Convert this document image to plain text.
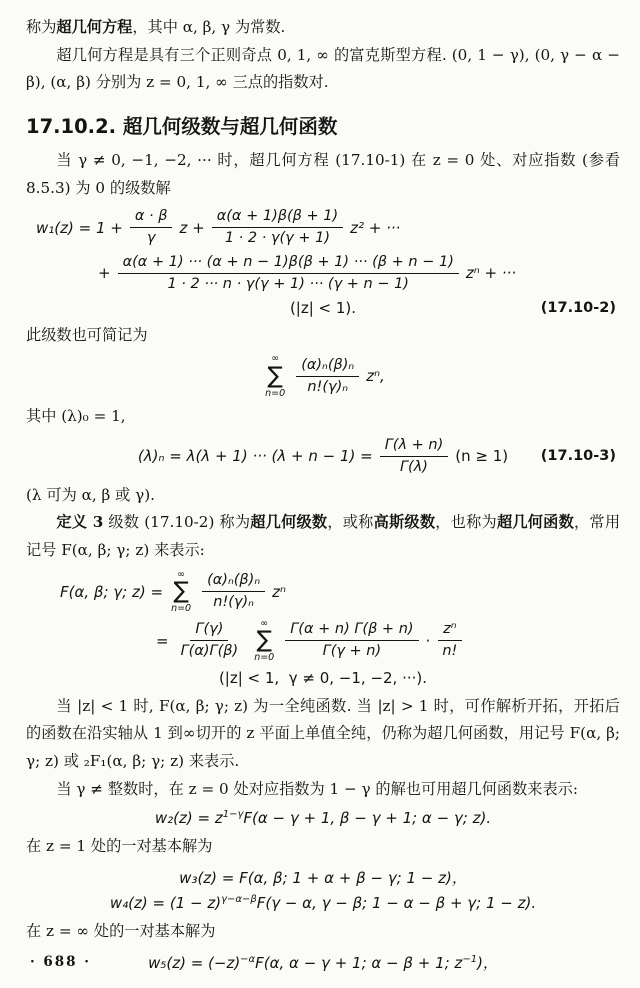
称为超几何方程，其中 α, β, γ 为常数.

超几何方程是具有三个正则奇点 0, 1, ∞ 的富克斯型方程. (0, 1 − γ), (0, γ − α − β), (α, β) 分别为 z = 0, 1, ∞ 三点的指数对.

17.10.2. 超几何级数与超几何函数

当 γ ≠ 0, −1, −2, ··· 时，超几何方程 (17.10-1) 在 z = 0 处、对应指数 (参看 8.5.3) 为 0 的级数解

$w_1(z) = 1 + \frac{\alpha \cdot \beta}{\gamma}$ $z + \frac{\alpha(\alpha + 1)\beta(\beta + 1)}{1 \cdot 2 \cdot \gamma(\gamma + 1)} z^2$ + ···
+ $\frac{\alpha(\alpha + 1) \cdot\cdot\cdot (\alpha + n - 1)\beta(\beta + 1) \cdot\cdot\cdot (\beta + n - 1)}{1 \cdot 2 \cdot\cdot\cdot n \cdot \gamma(\gamma + 1) \cdot\cdot\cdot (\gamma + n - 1)}$ zⁿ + ···
(|z| < 1).	(17.10-2)

此级数也可简记为

∞
∑
$n=0 \frac{\text{(α)ₙ(β)ₙ}}{\text{n!(γ)ₙ}} z^n$,

其中 (λ)₀ = 1,

(λ)ₙ = λ(λ + 1) ··· $(\lambda + n - 1) = \frac{\Gamma(\lambda + n)}{\Gamma(\lambda)} (n \ge 1)$ (17.10-3)

(λ 可为 α, β 或 γ).

定义 3 级数 (17.10-2) 称为超几何级数，或称高斯级数，也称为超几何函数，常用记号 F(α, β; γ; z) 来表示:

F(α, β; γ; z) =
∞
∑
$n=0 \frac{\text{(α)ₙ(β)ₙ}}{\text{n!(γ)ₙ}}$ zⁿ
= $\frac{\Gamma(\gamma)}{\Gamma(\alpha)\Gamma(\beta)}$ ∞
∑
$n=0 \frac{\Gamma(\alpha + n) \Gamma(\beta + n)}{\Gamma(\gamma + n)} \cdot \frac{\text{zⁿ}}{n!}$
(|z| < 1,  γ ≠ 0, −1, −2, ···).

当 |z| < 1 时, F(α, β; γ; z) 为一全纯函数. 当 |z| > 1 时，可作解析开拓，开拓后的函数在沿实轴从 1 到∞切开的 z 平面上单值全纯，仍称为超几何函数，用记号 F(α, β; γ; z) 或 ₂F₁(α, β; γ; z) 来表示.

当 γ ≠ 整数时，在 z = 0 处对应指数为 1 − γ 的解也可用超几何函数来表示:

$w_2(z) = z^{1-\gamma}F(\alpha - \gamma + 1$, β − γ + 1; α − γ; z).

在 z = 1 处的一对基本解为

w₃(z) = F(α, β; 1 + α + β − γ; 1 − z)，
$w_4(z) = (1 - z)^{\gamma-\alpha-\beta}F(\gamma - \alpha$, γ − β; 1 − α − β + γ; 1 − z).

在 z = ∞ 处的一对基本解为

$w_5(z) = (-z)^{-\alpha}F(\alpha$, α − γ + 1; α − β + 1; $z^{-1}$)，
· 688 ·
